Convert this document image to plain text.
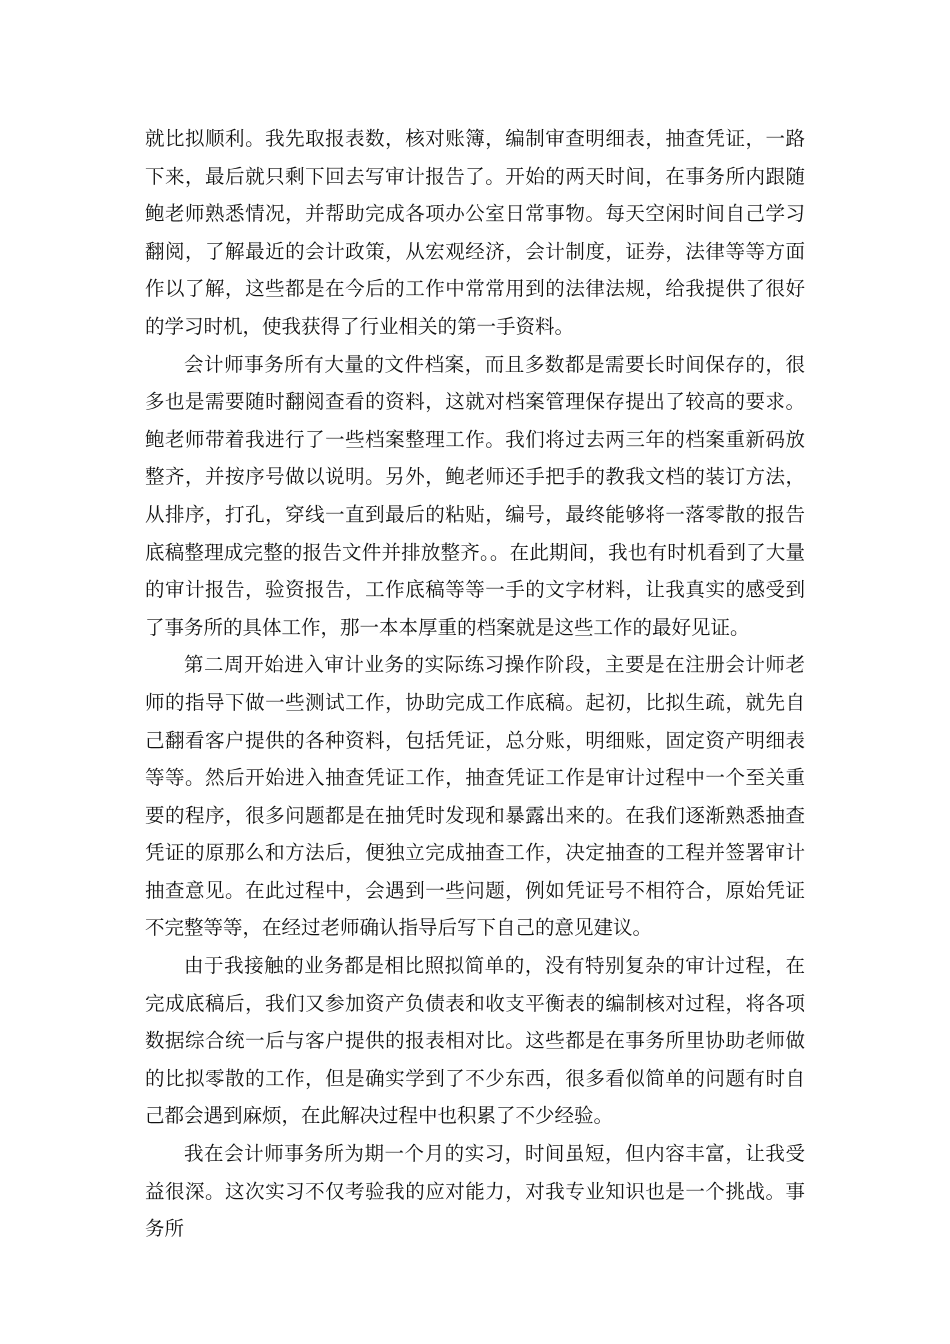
就比拟顺利。我先取报表数，核对账簿，编制审查明细表，抽查凭证，一路下来，最后就只剩下回去写审计报告了。开始的两天时间，在事务所内跟随鲍老师熟悉情况，并帮助完成各项办公室日常事物。每天空闲时间自己学习翻阅，了解最近的会计政策，从宏观经济，会计制度，证券，法律等等方面作以了解，这些都是在今后的工作中常常用到的法律法规，给我提供了很好的学习时机，使我获得了行业相关的第一手资料。

会计师事务所有大量的文件档案，而且多数都是需要长时间保存的，很多也是需要随时翻阅查看的资料，这就对档案管理保存提出了较高的要求。鲍老师带着我进行了一些档案整理工作。我们将过去两三年的档案重新码放整齐，并按序号做以说明。另外，鲍老师还手把手的教我文档的装订方法，从排序，打孔，穿线一直到最后的粘贴，编号，最终能够将一落零散的报告底稿整理成完整的报告文件并排放整齐。。在此期间，我也有时机看到了大量的审计报告，验资报告，工作底稿等等一手的文字材料，让我真实的感受到了事务所的具体工作，那一本本厚重的档案就是这些工作的最好见证。

第二周开始进入审计业务的实际练习操作阶段，主要是在注册会计师老师的指导下做一些测试工作，协助完成工作底稿。起初，比拟生疏，就先自己翻看客户提供的各种资料，包括凭证，总分账，明细账，固定资产明细表等等。然后开始进入抽查凭证工作，抽查凭证工作是审计过程中一个至关重要的程序，很多问题都是在抽凭时发现和暴露出来的。在我们逐渐熟悉抽查凭证的原那么和方法后，便独立完成抽查工作，决定抽查的工程并签署审计抽查意见。在此过程中，会遇到一些问题，例如凭证号不相符合，原始凭证不完整等等，在经过老师确认指导后写下自己的意见建议。

由于我接触的业务都是相比照拟简单的，没有特别复杂的审计过程，在完成底稿后，我们又参加资产负债表和收支平衡表的编制核对过程，将各项数据综合统一后与客户提供的报表相对比。这些都是在事务所里协助老师做的比拟零散的工作，但是确实学到了不少东西，很多看似简单的问题有时自己都会遇到麻烦，在此解决过程中也积累了不少经验。

我在会计师事务所为期一个月的实习，时间虽短，但内容丰富，让我受益很深。这次实习不仅考验我的应对能力，对我专业知识也是一个挑战。事务所
